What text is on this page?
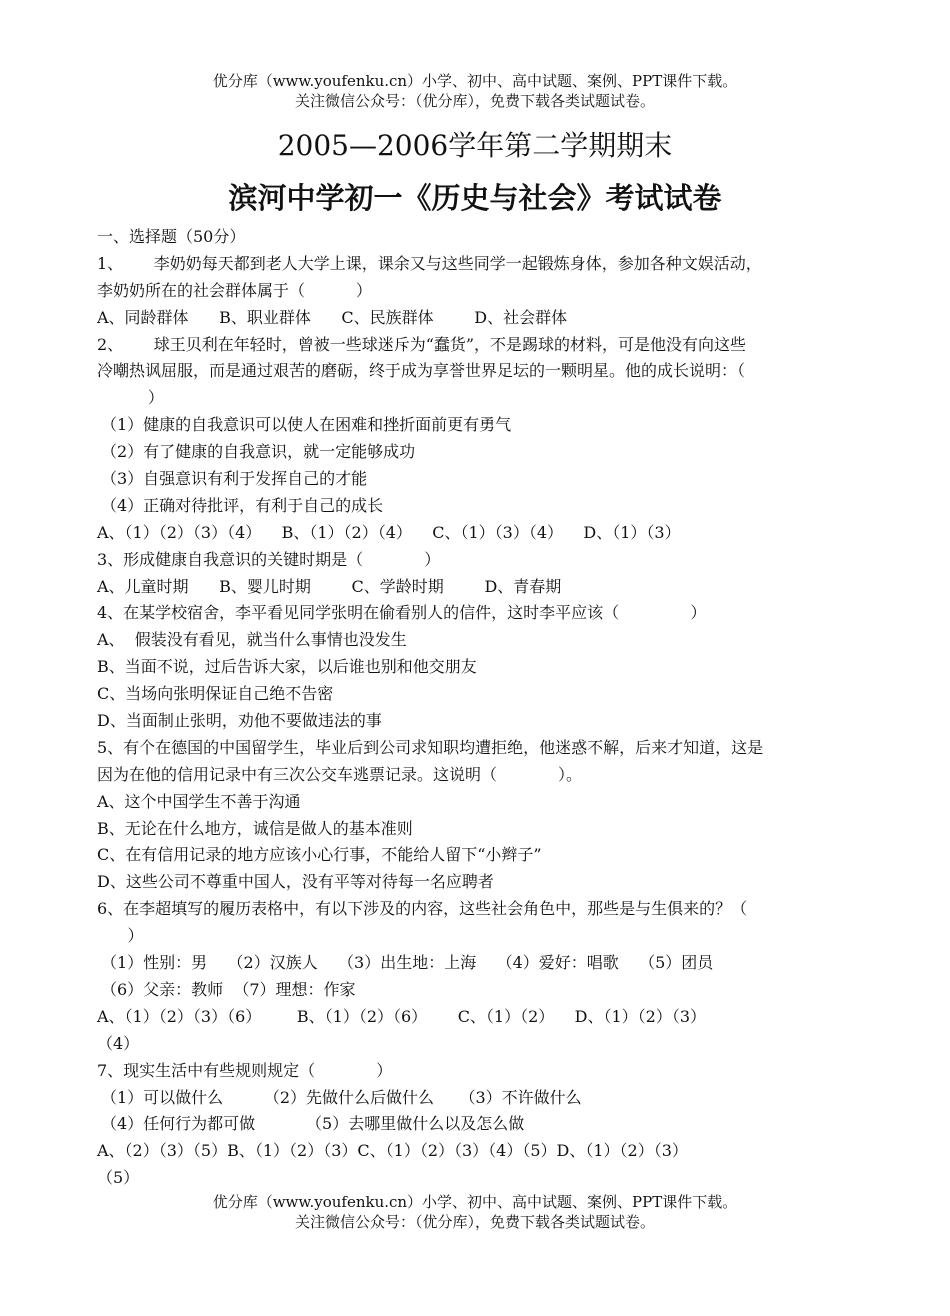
优分库（www.youfenku.cn）小学、初中、高中试题、案例、PPT课件下载。
关注微信公众号：（优分库），免费下载各类试题试卷。
2005—2006学年第二学期期末
滨河中学初一《历史与社会》考试试卷
一、选择题（50分）
1、      李奶奶每天都到老人大学上课，课余又与这些同学一起锻炼身体，参加各种文娱活动，
李奶奶所在的社会群体属于（          ）
A、同龄群体      B、职业群体      C、民族群体        D、社会群体
2、      球王贝利在年轻时，曾被一些球迷斥为“蠢货”，不是踢球的材料，可是他没有向这些
冷嘲热讽屈服，而是通过艰苦的磨砺，终于成为享誉世界足坛的一颗明星。他的成长说明：（
）
（1）健康的自我意识可以使人在困难和挫折面前更有勇气
（2）有了健康的自我意识，就一定能够成功
（3）自强意识有利于发挥自己的才能
（4）正确对待批评，有利于自己的成长
A、（1）（2）（3）（4）    B、（1）（2）（4）    C、（1）（3）（4）    D、（1）（3）
3、形成健康自我意识的关键时期是（            ）
A、儿童时期      B、婴儿时期        C、学龄时期        D、青春期
4、在某学校宿舍，李平看见同学张明在偷看别人的信件，这时李平应该（              ）
A、  假装没有看见，就当什么事情也没发生
B、当面不说，过后告诉大家，以后谁也别和他交朋友
C、当场向张明保证自己绝不告密
D、当面制止张明，劝他不要做违法的事
5、有个在德国的中国留学生，毕业后到公司求知职均遭拒绝，他迷惑不解，后来才知道，这是
因为在他的信用记录中有三次公交车逃票记录。这说明（            ）。
A、这个中国学生不善于沟通
B、无论在什么地方，诚信是做人的基本准则
C、在有信用记录的地方应该小心行事，不能给人留下“小辫子”
D、这些公司不尊重中国人，没有平等对待每一名应聘者
6、在李超填写的履历表格中，有以下涉及的内容，这些社会角色中，那些是与生俱来的？（
）
（1）性别：男    （2）汉族人    （3）出生地：上海    （4）爱好：唱歌    （5）团员
（6）父亲：教师  （7）理想：作家
A、（1）（2）（3）（6）       B、（1）（2）（6）      C、（1）（2）    D、（1）（2）（3）
（4）
7、现实生活中有些规则规定（            ）
（1）可以做什么        （2）先做什么后做什么     （3）不许做什么
（4）任何行为都可做          （5）去哪里做什么以及怎么做
A、（2）（3）（5）B、（1）（2）（3）C、（1）（2）（3）（4）（5）D、（1）（2）（3）
（5）
优分库（www.youfenku.cn）小学、初中、高中试题、案例、PPT课件下载。
关注微信公众号：（优分库），免费下载各类试题试卷。
